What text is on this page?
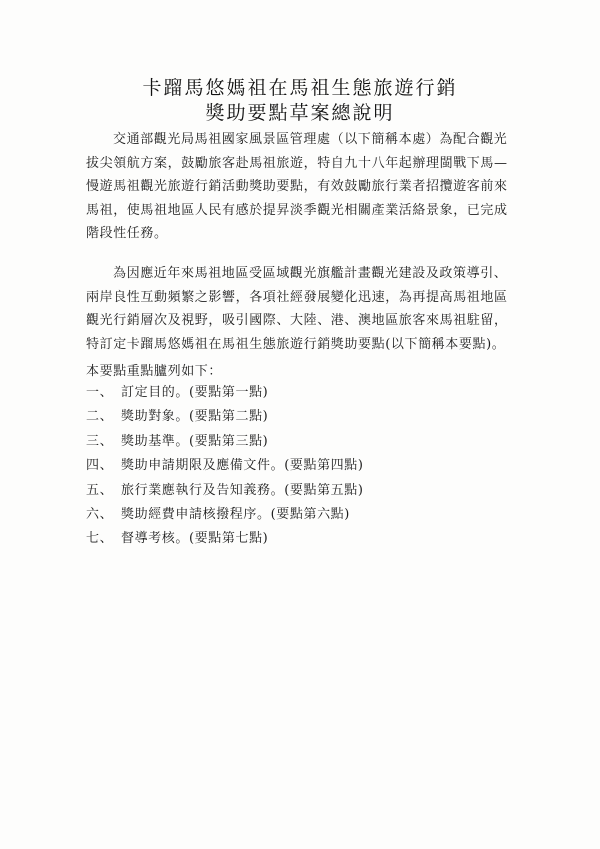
卡蹓馬悠媽祖在馬祖生態旅遊行銷
獎助要點草案總說明
交通部觀光局馬祖國家風景區管理處（以下簡稱本處）為配合觀光
拔尖領航方案，鼓勵旅客赴馬祖旅遊，特自九十八年起辦理閩戰下馬—
慢遊馬祖觀光旅遊行銷活動獎助要點，有效鼓勵旅行業者招攬遊客前來
馬祖，使馬祖地區人民有感於提昇淡季觀光相關產業活絡景象，已完成
階段性任務。
為因應近年來馬祖地區受區域觀光旗艦計畫觀光建設及政策導引、
兩岸良性互動頻繁之影響，各項社經發展變化迅速，為再提高馬祖地區
觀光行銷層次及視野，吸引國際、大陸、港、澳地區旅客來馬祖駐留，
特訂定卡蹓馬悠媽祖在馬祖生態旅遊行銷獎助要點(以下簡稱本要點)。
本要點重點臚列如下：
一、 訂定目的。(要點第一點)
二、 獎助對象。(要點第二點)
三、 獎助基準。(要點第三點)
四、 獎助申請期限及應備文件。(要點第四點)
五、 旅行業應執行及告知義務。(要點第五點)
六、 獎助經費申請核撥程序。(要點第六點)
七、 督導考核。(要點第七點)
